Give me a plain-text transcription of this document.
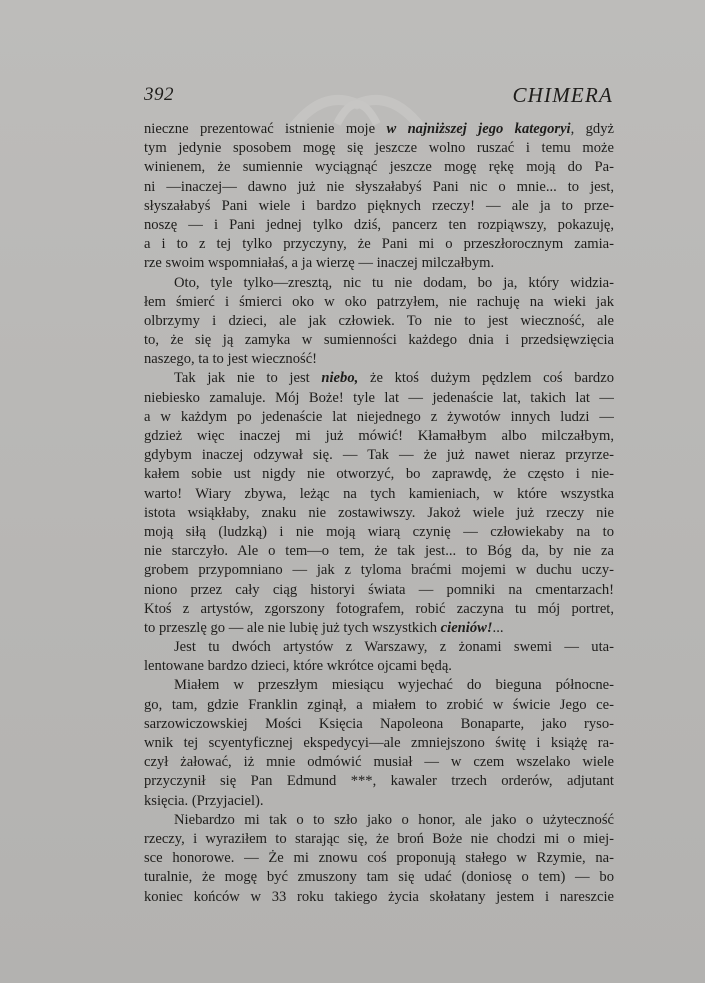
392	CHIMERA
nieczne prezentować istnienie moje w najniższej jego kategoryi, gdyż
tym jedynie sposobem mogę się jeszcze wolno ruszać i temu może
winienem, że sumiennie wyciągnąć jeszcze mogę rękę moją do Pa-
ni —inaczej— dawno już nie słyszałabyś Pani nic o mnie... to jest,
słyszałabyś Pani wiele i bardzo pięknych rzeczy! — ale ja to prze-
noszę — i Pani jednej tylko dziś, pancerz ten rozpiąwszy, pokazuję,
a i to z tej tylko przyczyny, że Pani mi o przeszłorocznym zamia-
rze swoim wspomniałaś, a ja wierzę — inaczej milczałbym.
Oto, tyle tylko—zresztą, nic tu nie dodam, bo ja, który widzia-
łem śmierć i śmierci oko w oko patrzyłem, nie rachuję na wieki jak
olbrzymy i dzieci, ale jak człowiek. To nie to jest wieczność, ale
to, że się ją zamyka w sumienności każdego dnia i przedsięwzięcia
naszego, ta to jest wieczność!
Tak jak nie to jest niebo, że ktoś dużym pędzlem coś bardzo
niebiesko zamaluje. Mój Boże! tyle lat — jedenaście lat, takich lat —
a w każdym po jedenaście lat niejednego z żywotów innych ludzi —
gdzież więc inaczej mi już mówić! Kłamałbym albo milczałbym,
gdybym inaczej odzywał się. — Tak — że już nawet nieraz przyrze-
kałem sobie ust nigdy nie otworzyć, bo zaprawdę, że często i nie-
warto! Wiary zbywa, leżąc na tych kamieniach, w które wszystka
istota wsiąkłaby, znaku nie zostawiwszy. Jakoż wiele już rzeczy nie
moją siłą (ludzką) i nie moją wiarą czynię — człowiekaby na to
nie starczyło. Ale o tem—o tem, że tak jest... to Bóg da, by nie za
grobem przypomniano — jak z tyloma braćmi mojemi w duchu uczy-
niono przez cały ciąg historyi świata — pomniki na cmentarzach!
Ktoś z artystów, zgorszony fotografem, robić zaczyna tu mój portret,
to przeszlę go — ale nie lubię już tych wszystkich cieniów!...
Jest tu dwóch artystów z Warszawy, z żonami swemi — uta-
lentowane bardzo dzieci, które wkrótce ojcami będą.
Miałem w przeszłym miesiącu wyjechać do bieguna północne-
go, tam, gdzie Franklin zginął, a miałem to zrobić w świcie Jego ce-
sarzowiczowskiej Mości Księcia Napoleona Bonaparte, jako ryso-
wnik tej scyentyficznej ekspedycyi—ale zmniejszono świtę i książę ra-
czył żałować, iż mnie odmówić musiał — w czem wszelako wiele
przyczynił się Pan Edmund ***, kawaler trzech orderów, adjutant
księcia. (Przyjaciel).
Niebardzo mi tak o to szło jako o honor, ale jako o użyteczność
rzeczy, i wyraziłem to starając się, że broń Boże nie chodzi mi o miej-
sce honorowe. — Że mi znowu coś proponują stałego w Rzymie, na-
turalnie, że mogę być zmuszony tam się udać (doniosę o tem) — bo
koniec końców w 33 roku takiego życia skołatany jestem i nareszcie
